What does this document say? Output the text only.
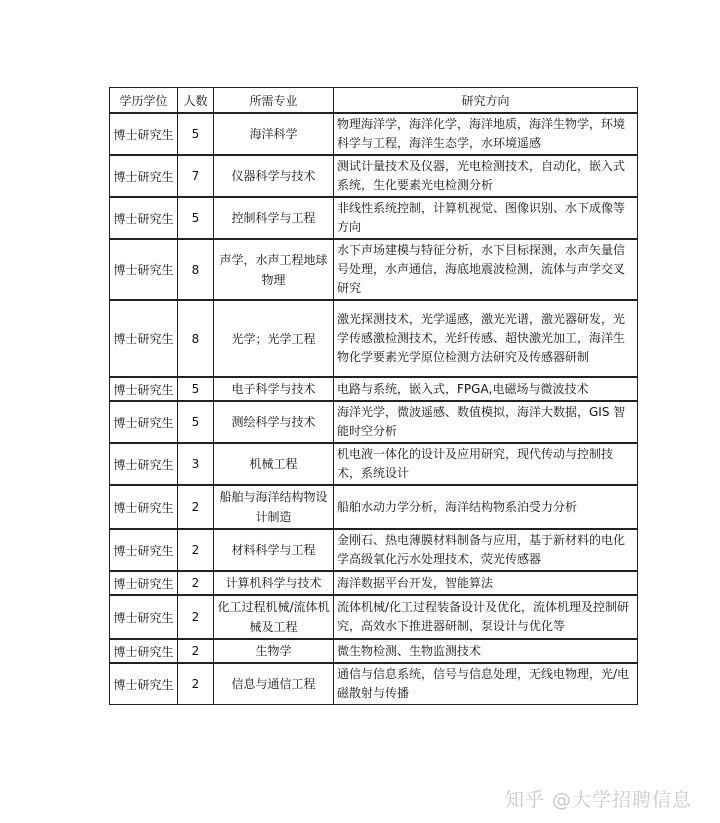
学历学位	人数	所需专业	研究方向
博士研究生	5	海洋科学	物理海洋学，海洋化学，海洋地质，海洋生物学，环境科学与工程，海洋生态学，水环境遥感
博士研究生	7	仪器科学与技术	测试计量技术及仪器，光电检测技术，自动化，嵌入式系统，生化要素光电检测分析
博士研究生	5	控制科学与工程	非线性系统控制，计算机视觉、图像识别、水下成像等方向
博士研究生	8	声学，水声工程地球物理	水下声场建模与特征分析，水下目标探测，水声矢量信号处理，水声通信，海底地震波检测，流体与声学交叉研究
博士研究生	8	光学；光学工程	激光探测技术，光学遥感，激光光谱，激光器研发，光学传感激检测技术，光纤传感、超快激光加工，海洋生物化学要素光学原位检测方法研究及传感器研制
博士研究生	5	电子科学与技术	电路与系统，嵌入式，FPGA,电磁场与微波技术
博士研究生	5	测绘科学与技术	海洋光学，微波遥感、数值模拟，海洋大数据，GIS 智能时空分析
博士研究生	3	机械工程	机电液一体化的设计及应用研究，现代传动与控制技术，系统设计
博士研究生	2	船舶与海洋结构物设计制造	船舶水动力学分析，海洋结构物系泊受力分析
博士研究生	2	材料科学与工程	金刚石、热电薄膜材料制备与应用，基于新材料的电化学高级氧化污水处理技术，荧光传感器
博士研究生	2	计算机科学与技术	海洋数据平台开发，智能算法
博士研究生	2	化工过程机械/流体机械及工程	流体机械/化工过程装备设计及优化，流体机理及控制研究，高效水下推进器研制，泵设计与优化等
博士研究生	2	生物学	微生物检测、生物监测技术
博士研究生	2	信息与通信工程	通信与信息系统，信号与信息处理，无线电物理，光/电磁散射与传播
知乎 @大学招聘信息
